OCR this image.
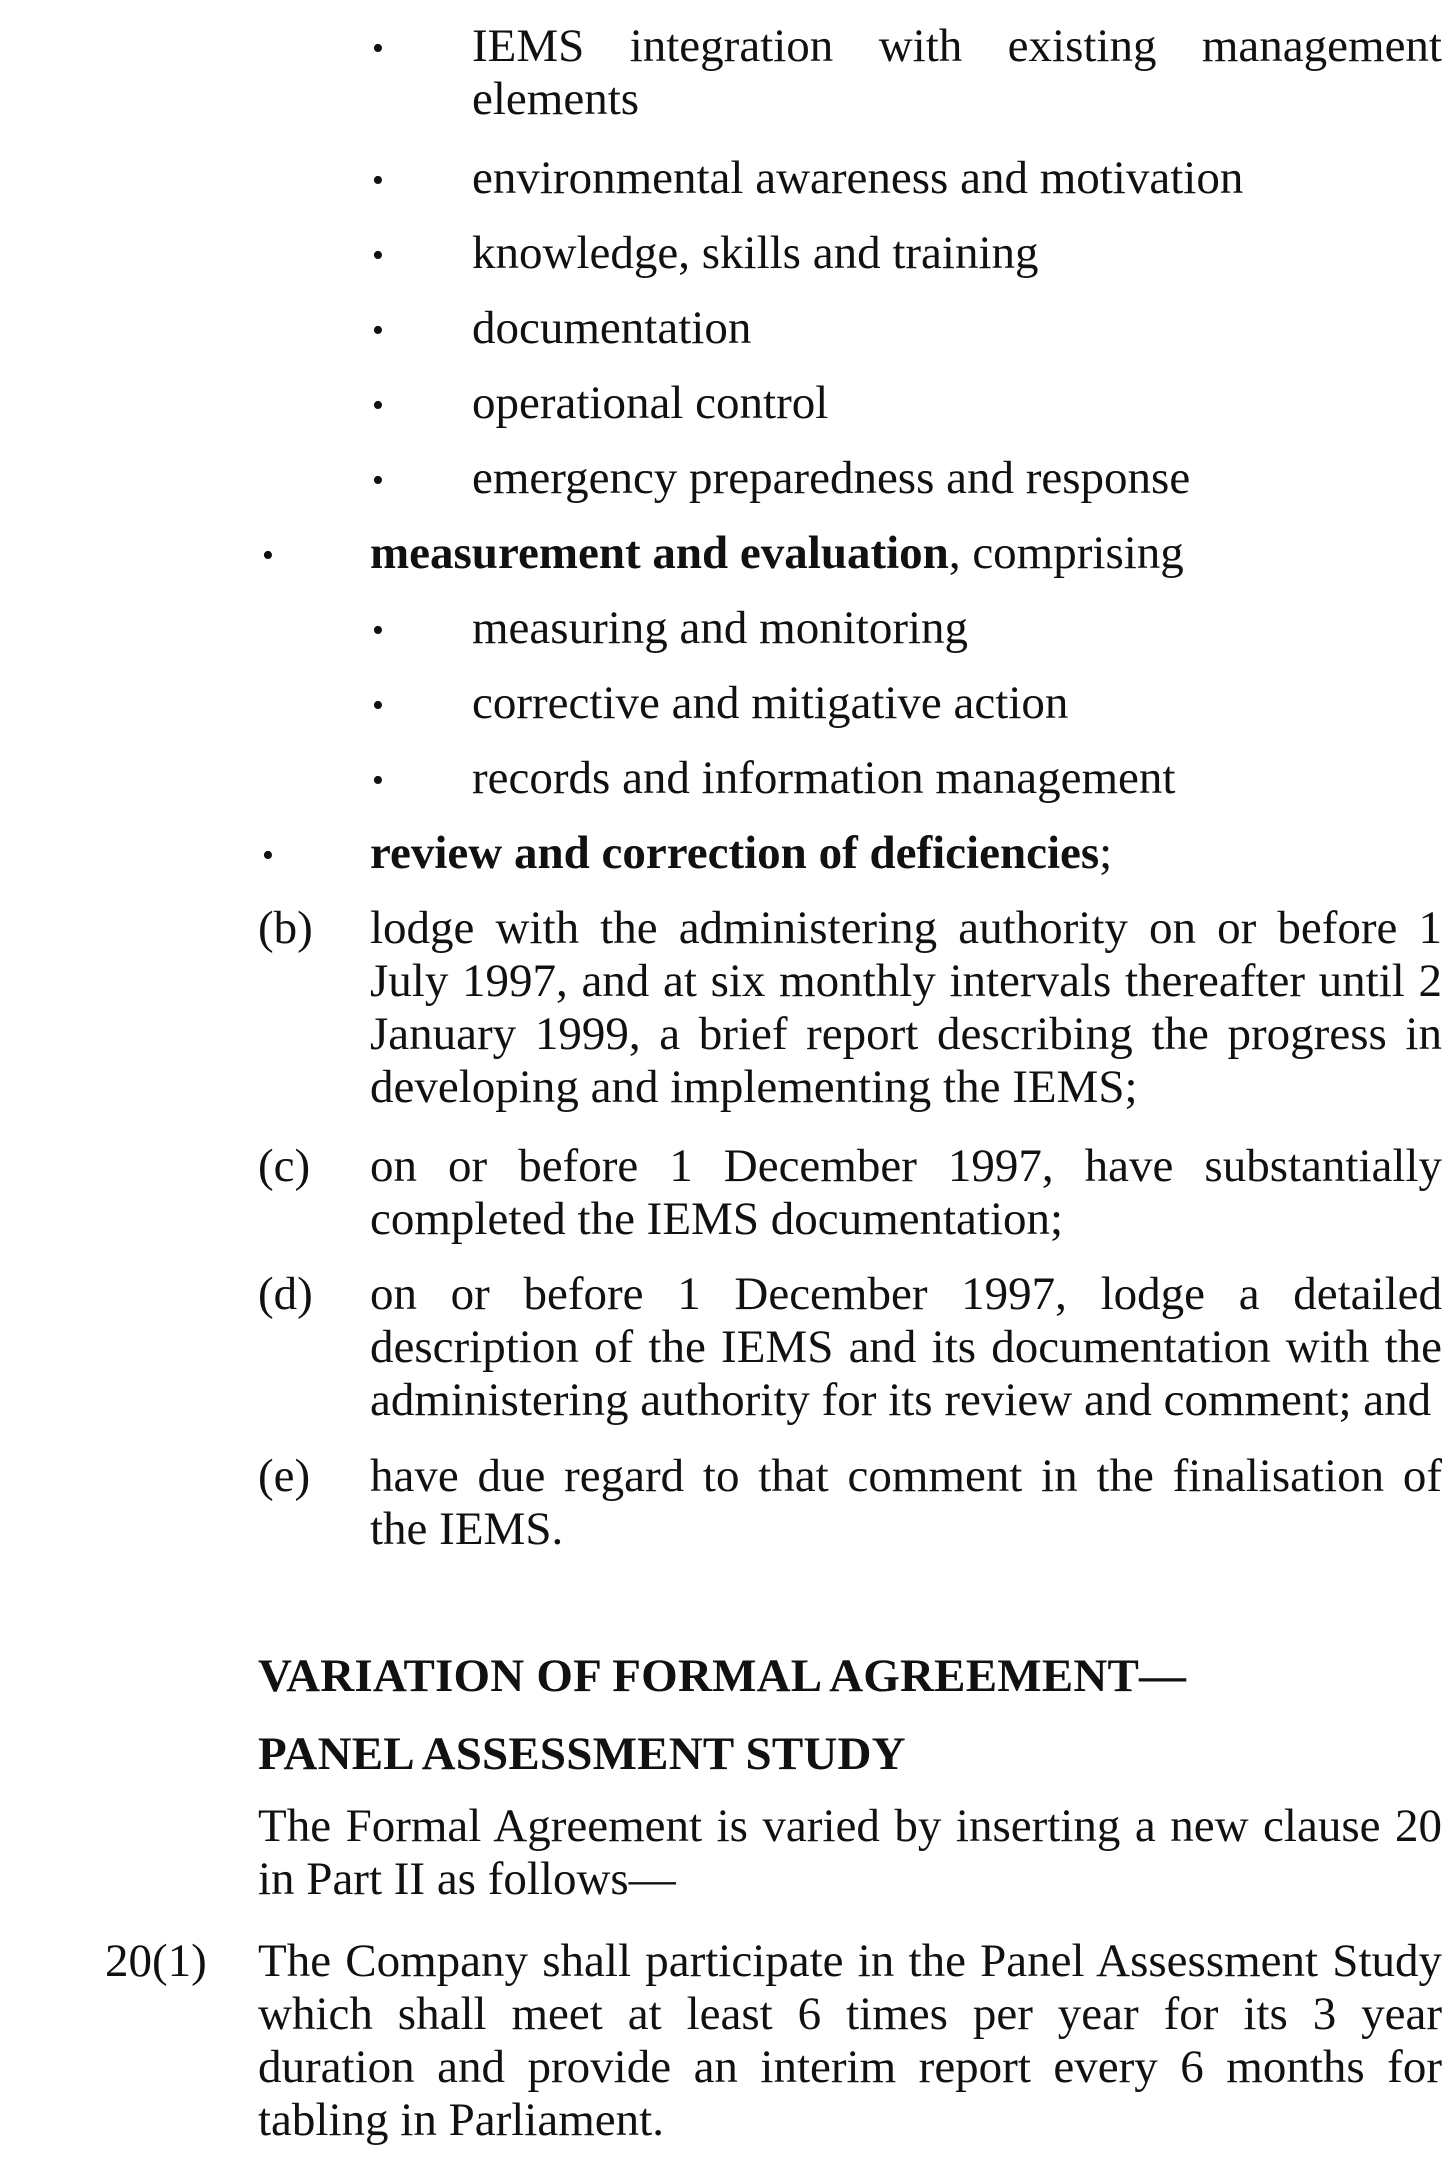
• IEMS integration with existing management elements
• environmental awareness and motivation
• knowledge, skills and training
• documentation
• operational control
• emergency preparedness and response
• measurement and evaluation, comprising
• measuring and monitoring
• corrective and mitigative action
• records and information management
• review and correction of deficiencies;
(b) lodge with the administering authority on or before 1 July 1997, and at six monthly intervals thereafter until 2 January 1999, a brief report describing the progress in developing and implementing the IEMS;
(c) on or before 1 December 1997, have substantially completed the IEMS documentation;
(d) on or before 1 December 1997, lodge a detailed description of the IEMS and its documentation with the administering authority for its review and comment; and
(e) have due regard to that comment in the finalisation of the IEMS.
VARIATION OF FORMAL AGREEMENT—
PANEL ASSESSMENT STUDY
The Formal Agreement is varied by inserting a new clause 20 in Part II as follows—
20(1) The Company shall participate in the Panel Assessment Study which shall meet at least 6 times per year for its 3 year duration and provide an interim report every 6 months for tabling in Parliament.
